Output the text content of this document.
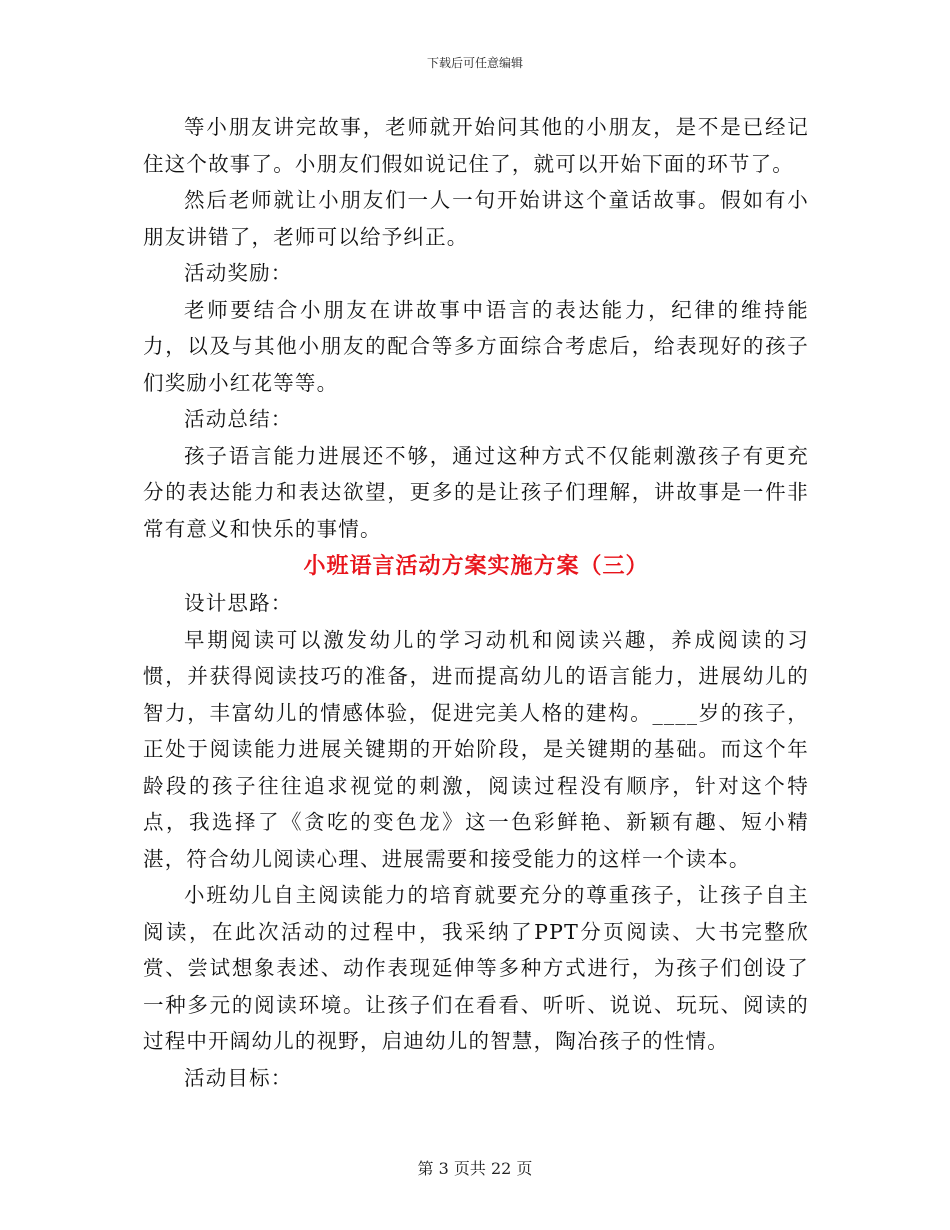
下载后可任意编辑

等小朋友讲完故事，老师就开始问其他的小朋友，是不是已经记住这个故事了。小朋友们假如说记住了，就可以开始下面的环节了。

然后老师就让小朋友们一人一句开始讲这个童话故事。假如有小朋友讲错了，老师可以给予纠正。

活动奖励：

老师要结合小朋友在讲故事中语言的表达能力，纪律的维持能力，以及与其他小朋友的配合等多方面综合考虑后，给表现好的孩子们奖励小红花等等。

活动总结：

孩子语言能力进展还不够，通过这种方式不仅能刺激孩子有更充分的表达能力和表达欲望，更多的是让孩子们理解，讲故事是一件非常有意义和快乐的事情。

小班语言活动方案实施方案（三）

设计思路：

早期阅读可以激发幼儿的学习动机和阅读兴趣，养成阅读的习惯，并获得阅读技巧的准备，进而提高幼儿的语言能力，进展幼儿的智力，丰富幼儿的情感体验，促进完美人格的建构。____岁的孩子，正处于阅读能力进展关键期的开始阶段，是关键期的基础。而这个年龄段的孩子往往追求视觉的刺激，阅读过程没有顺序，针对这个特点，我选择了《贪吃的变色龙》这一色彩鲜艳、新颖有趣、短小精湛，符合幼儿阅读心理、进展需要和接受能力的这样一个读本。

小班幼儿自主阅读能力的培育就要充分的尊重孩子，让孩子自主阅读，在此次活动的过程中，我采纳了PPT分页阅读、大书完整欣赏、尝试想象表述、动作表现延伸等多种方式进行，为孩子们创设了一种多元的阅读环境。让孩子们在看看、听听、说说、玩玩、阅读的过程中开阔幼儿的视野，启迪幼儿的智慧，陶冶孩子的性情。

活动目标：

第 3 页共 22 页
